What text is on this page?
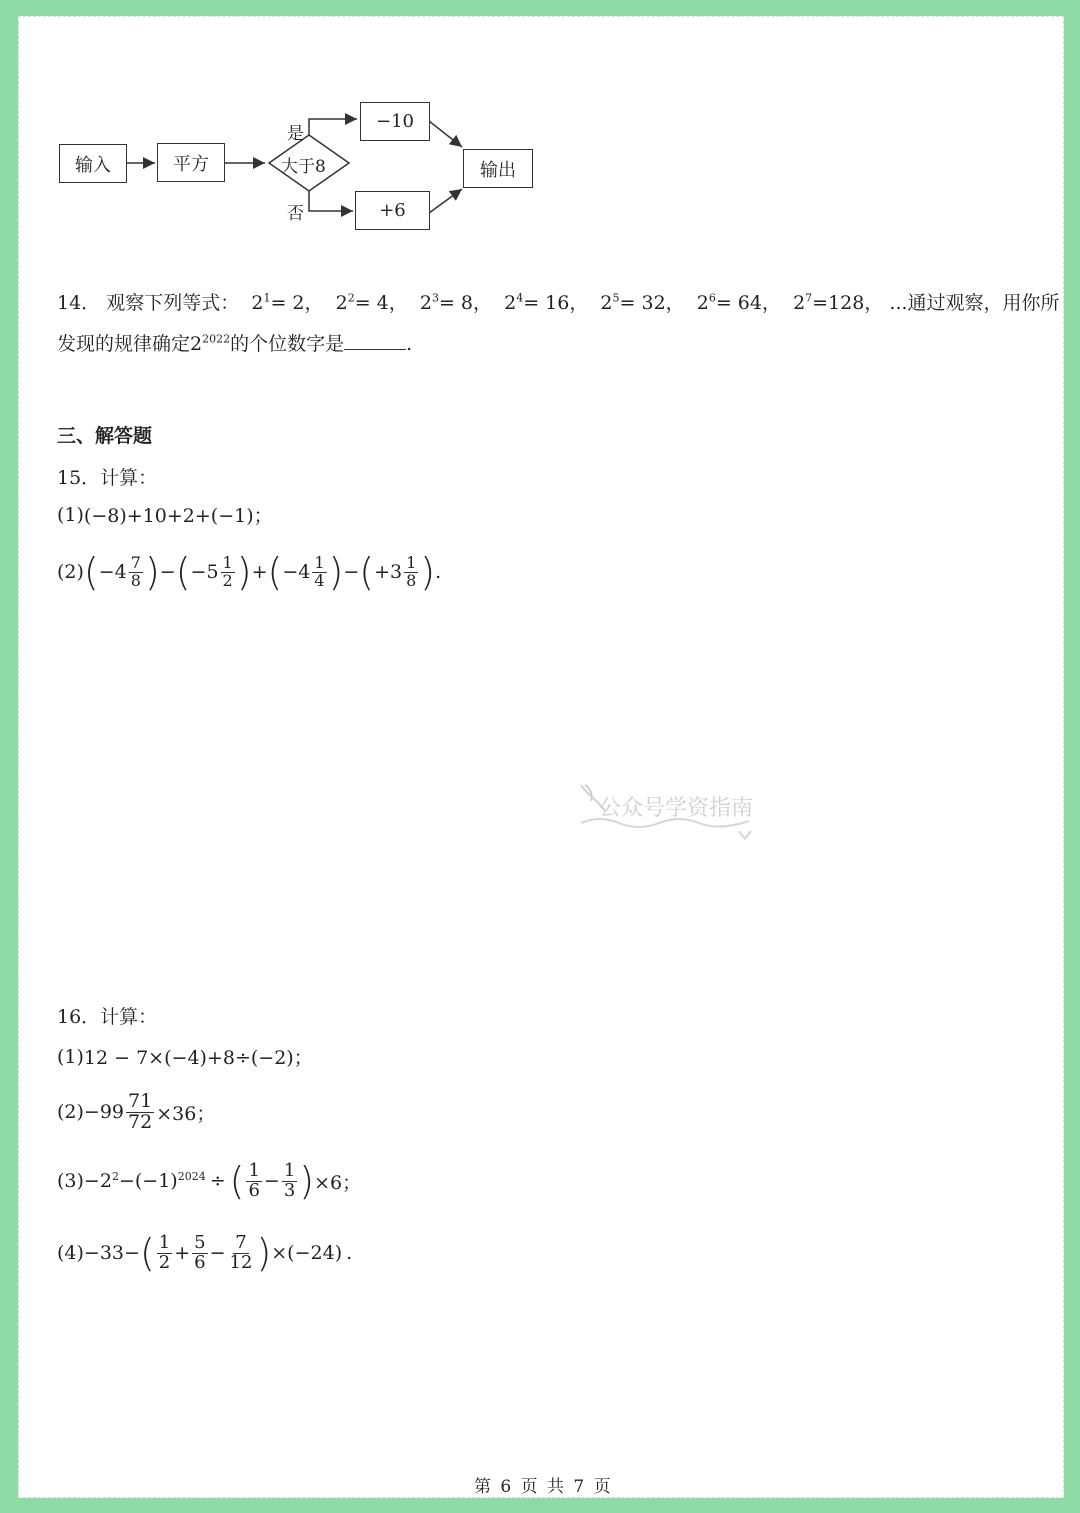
输入	平方	大于8
是
否
−10
+6
输出
14． 观察下列等式： $2^1= 2$， $2^2= 4$， $2^3= 8$， $2^4= 16$， $2^5= 32$， $2^6= 64$， $2^7=128$， ...通过观察，用你所
发现的规律确定$2^{2022}$的个位数字是	.
三、解答题
15．计算：
(1) (−8)+10+2+(−1)；
(2) ( $-4 \frac{7}{8}$ ) − ( $-5 \frac{1}{2}$ ) + ( $-4 \frac{1}{4}$ ) − ( $+3 \frac{1}{8}$ ) .
公众号学资指南
16．计算：
(1) 12 − 7×(−4)+8÷(−2)；
$(2) -99 \frac{71}{72} \times 36$；
$(3) -2^2 -(-1)^{2024}$ ÷ ( $\frac{1}{6} - \frac{1}{3}$ ) ×6；
(4) −33− ( $\frac{1}{2} + \frac{5}{6} - \frac{7}{12}$ ) ×(−24) .
第 6 页 共 7 页
